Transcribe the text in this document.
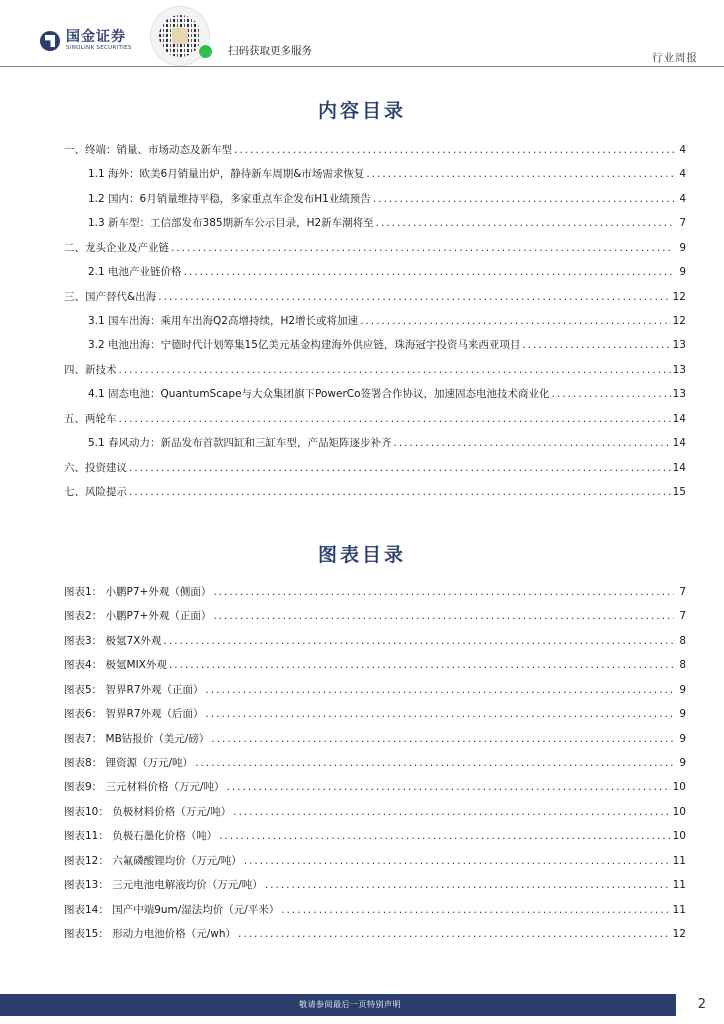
国金证券
SINOLINK SECURITIES	扫码获取更多服务
行业周报
内容目录
一、终端：销量、市场动态及新车型 .....	4
1.1 海外：欧美6月销量出炉，静待新车周期&市场需求恢复 .....	4
1.2 国内：6月销量维持平稳，多家重点车企发布H1业绩预告 .....	4
1.3 新车型：工信部发布385期新车公示目录，H2新车潮将至 .....	7
二、龙头企业及产业链 .....	9
2.1 电池产业链价格 .....	9
三、国产替代&出海 .....	12
3.1 国车出海：乘用车出海Q2高增持续，H2增长或将加速 .....	12
3.2 电池出海：宁德时代计划筹集15亿美元基金构建海外供应链，珠海冠宇投资马来西亚项目 .....	13
四、新技术 .....	13
4.1 固态电池：QuantumScape与大众集团旗下PowerCo签署合作协议，加速固态电池技术商业化 .....	13
五、两轮车 .....	14
5.1 春风动力：新品发布首款四缸和三缸车型，产品矩阵逐步补齐 .....	14
六、投资建议 .....	14
七、风险提示 .....	15
图表目录
图表1： 小鹏P7+外观（侧面） .....	7
图表2： 小鹏P7+外观（正面） .....	7
图表3： 极氪7X外观 .....	8
图表4： 极氪MIX外观 .....	8
图表5： 智界R7外观（正面） .....	9
图表6： 智界R7外观（后面） .....	9
图表7： MB钴报价（美元/磅） .....	9
图表8： 锂资源（万元/吨） .....	9
图表9： 三元材料价格（万元/吨） .....	10
图表10： 负极材料价格（万元/吨） .....	10
图表11： 负极石墨化价格（吨） .....	10
图表12： 六氟磷酸锂均价（万元/吨） .....	11
图表13： 三元电池电解液均价（万元/吨） .....	11
图表14： 国产中端9um/湿法均价（元/平米） .....	11
图表15： 形动力电池价格（元/wh） .....	12
敬请参阅最后一页特别声明	2
